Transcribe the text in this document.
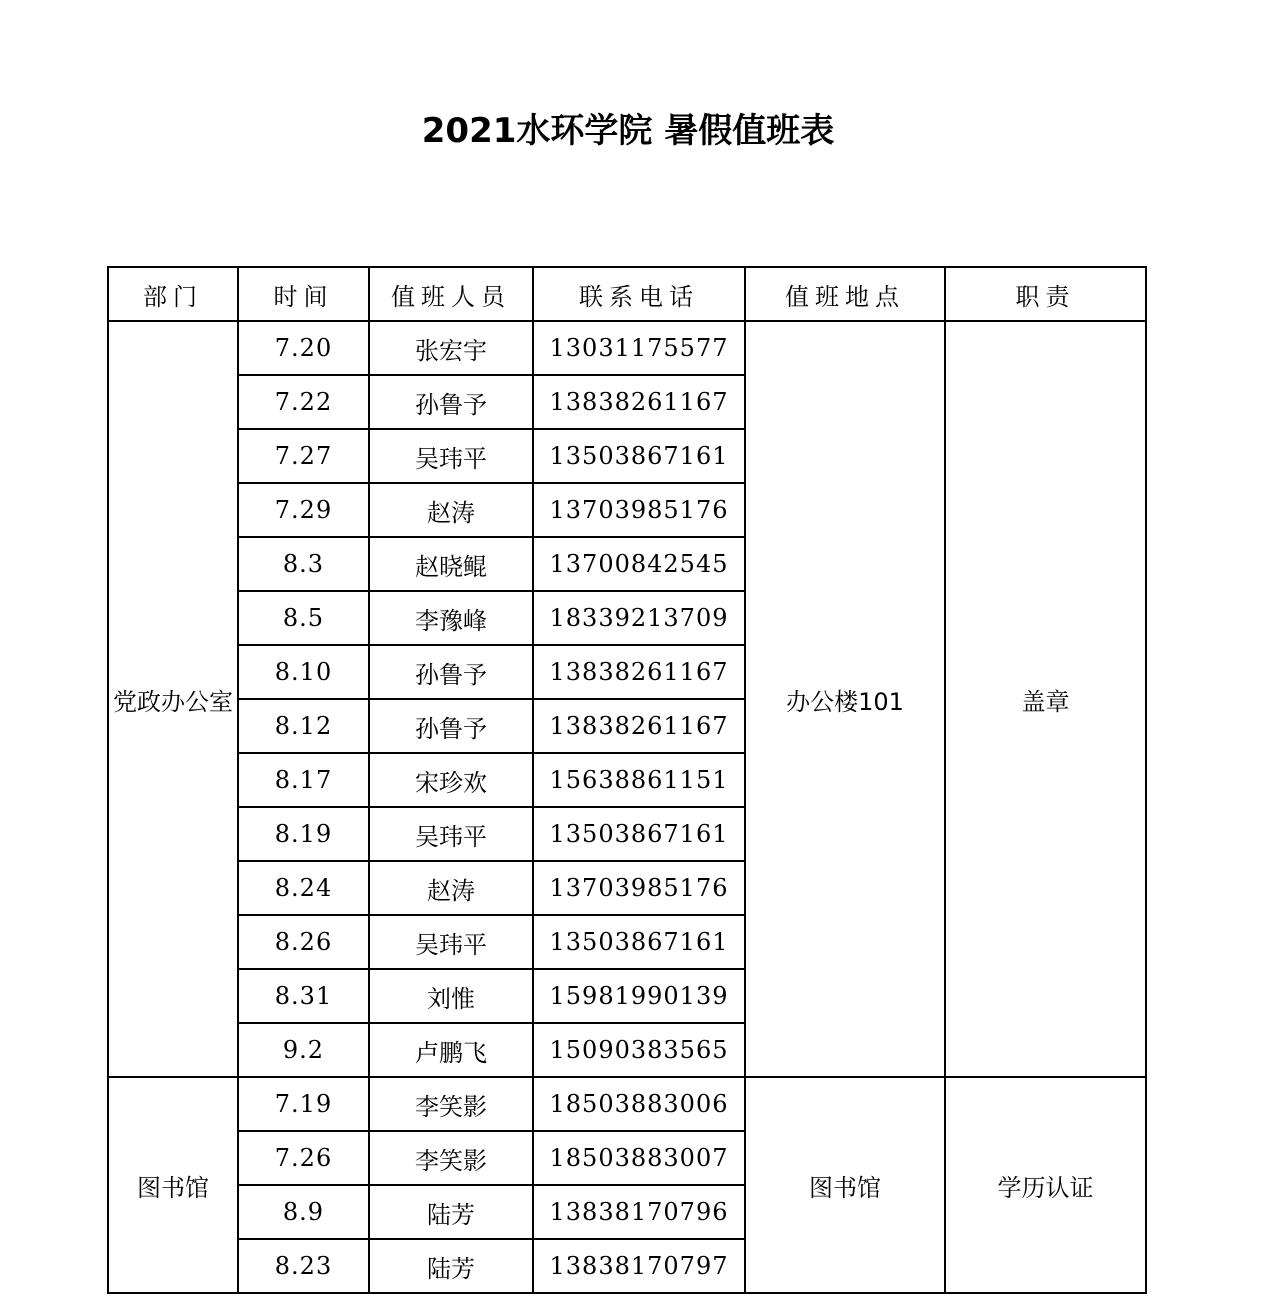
2021水环学院 暑假值班表
部门	时间	值班人员	联系电话	值班地点	职责
党政办公室	7.20	张宏宇	13031175577	办公楼101	盖章
	7.22	孙鲁予	13838261167		
	7.27	吴玮平	13503867161		
	7.29	赵涛	13703985176		
	8.3	赵晓鲲	13700842545		
	8.5	李豫峰	18339213709		
	8.10	孙鲁予	13838261167		
	8.12	孙鲁予	13838261167		
	8.17	宋珍欢	15638861151		
	8.19	吴玮平	13503867161		
	8.24	赵涛	13703985176		
	8.26	吴玮平	13503867161		
	8.31	刘惟	15981990139		
	9.2	卢鹏飞	15090383565		
图书馆	7.19	李笑影	18503883006	图书馆	学历认证
	7.26	李笑影	18503883007		
	8.9	陆芳	13838170796		
	8.23	陆芳	13838170797		
